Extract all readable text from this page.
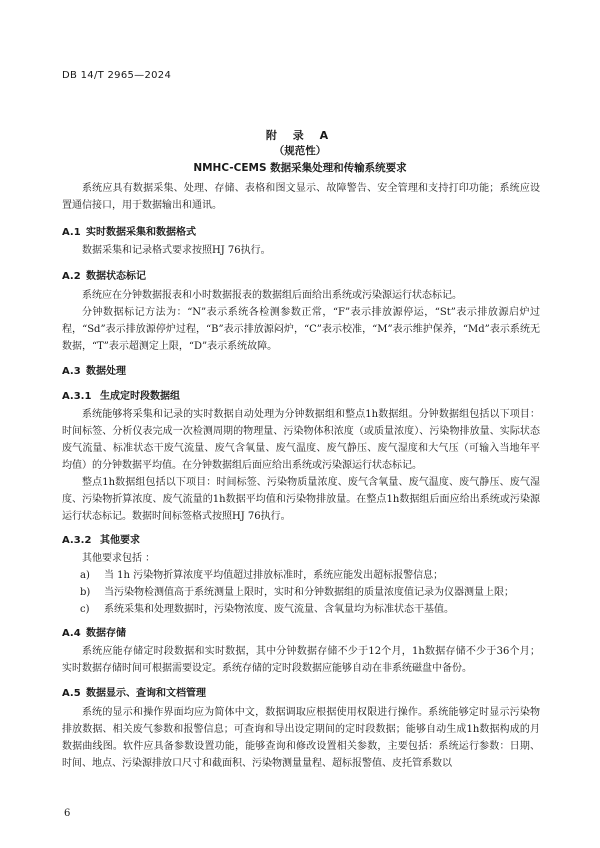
DB 14/T 2965—2024
附 录 A
（规范性）
NMHC-CEMS 数据采集处理和传输系统要求
系统应具有数据采集、处理、存储、表格和图文显示、故障警告、安全管理和支持打印功能；系统应设置通信接口，用于数据输出和通讯。
A.1 实时数据采集和数据格式
数据采集和记录格式要求按照HJ 76执行。
A.2 数据状态标记
系统应在分钟数据报表和小时数据报表的数据组后面给出系统或污染源运行状态标记。
分钟数据标记方法为：“N”表示系统各检测参数正常，“F”表示排放源停运，“St”表示排放源启炉过程，“Sd”表示排放源停炉过程，“B”表示排放源闷炉，“C”表示校准，“M”表示维护保养，“Md”表示系统无数据，“T”表示超测定上限，“D”表示系统故障。
A.3 数据处理
A.3.1 生成定时段数据组
系统能够将采集和记录的实时数据自动处理为分钟数据组和整点1h数据组。分钟数据组包括以下项目：时间标签、分析仪表完成一次检测周期的物理量、污染物体积浓度（或质量浓度）、污染物排放量、实际状态废气流量、标准状态干废气流量、废气含氧量、废气温度、废气静压、废气湿度和大气压（可输入当地年平均值）的分钟数据平均值。在分钟数据组后面应给出系统或污染源运行状态标记。
整点1h数据组包括以下项目：时间标签、污染物质量浓度、废气含氧量、废气温度、废气静压、废气湿度、污染物折算浓度、废气流量的1h数据平均值和污染物排放量。在整点1h数据组后面应给出系统或污染源运行状态标记。数据时间标签格式按照HJ 76执行。
A.3.2 其他要求
其他要求包括 ：
a)	当 1h 污染物折算浓度平均值超过排放标准时，系统应能发出超标报警信息；
b)	当污染物检测值高于系统测量上限时，实时和分钟数据组的质量浓度值记录为仪器测量上限；
c)	系统采集和处理数据时，污染物浓度、废气流量、含氧量均为标准状态干基值。
A.4 数据存储
系统应能存储定时段数据和实时数据，其中分钟数据存储不少于12个月，1h数据存储不少于36个月；实时数据存储时间可根据需要设定。系统存储的定时段数据应能够自动在非系统磁盘中备份。
A.5 数据显示、查询和文档管理
系统的显示和操作界面均应为简体中文，数据调取应根据使用权限进行操作。系统能够定时显示污染物排放数据、相关废气参数和报警信息；可查询和导出设定期间的定时段数据；能够自动生成1h数据构成的月数据曲线图。软件应具备参数设置功能，能够查询和修改设置相关参数，主要包括：系统运行参数：日期、时间、地点、污染源排放口尺寸和截面积、污染物测量量程、超标报警值、皮托管系数以
6
